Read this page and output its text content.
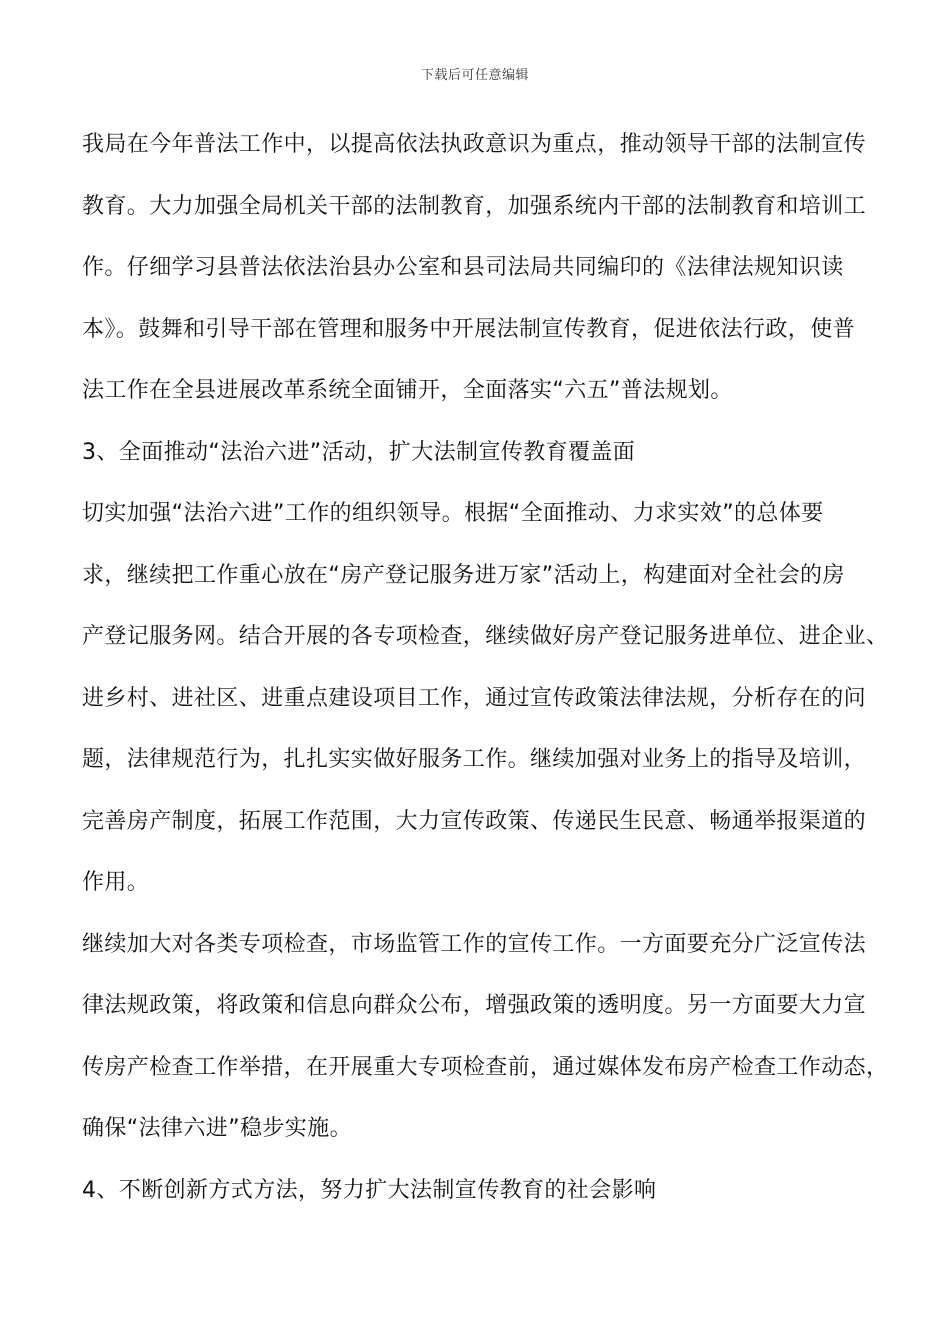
下载后可任意编辑
我局在今年普法工作中，以提高依法执政意识为重点，推动领导干部的法制宣传
教育。大力加强全局机关干部的法制教育，加强系统内干部的法制教育和培训工
作。仔细学习县普法依法治县办公室和县司法局共同编印的《法律法规知识读
本》。鼓舞和引导干部在管理和服务中开展法制宣传教育，促进依法行政，使普
法工作在全县进展改革系统全面铺开，全面落实“六五”普法规划。
3、全面推动“法治六进”活动，扩大法制宣传教育覆盖面
切实加强“法治六进”工作的组织领导。根据“全面推动、力求实效”的总体要
求，继续把工作重心放在“房产登记服务进万家”活动上，构建面对全社会的房
产登记服务网。结合开展的各专项检查，继续做好房产登记服务进单位、进企业、
进乡村、进社区、进重点建设项目工作，通过宣传政策法律法规，分析存在的问
题，法律规范行为，扎扎实实做好服务工作。继续加强对业务上的指导及培训，
完善房产制度，拓展工作范围，大力宣传政策、传递民生民意、畅通举报渠道的
作用。
继续加大对各类专项检查，市场监管工作的宣传工作。一方面要充分广泛宣传法
律法规政策，将政策和信息向群众公布，增强政策的透明度。另一方面要大力宣
传房产检查工作举措，在开展重大专项检查前，通过媒体发布房产检查工作动态，
确保“法律六进”稳步实施。
4、不断创新方式方法，努力扩大法制宣传教育的社会影响
